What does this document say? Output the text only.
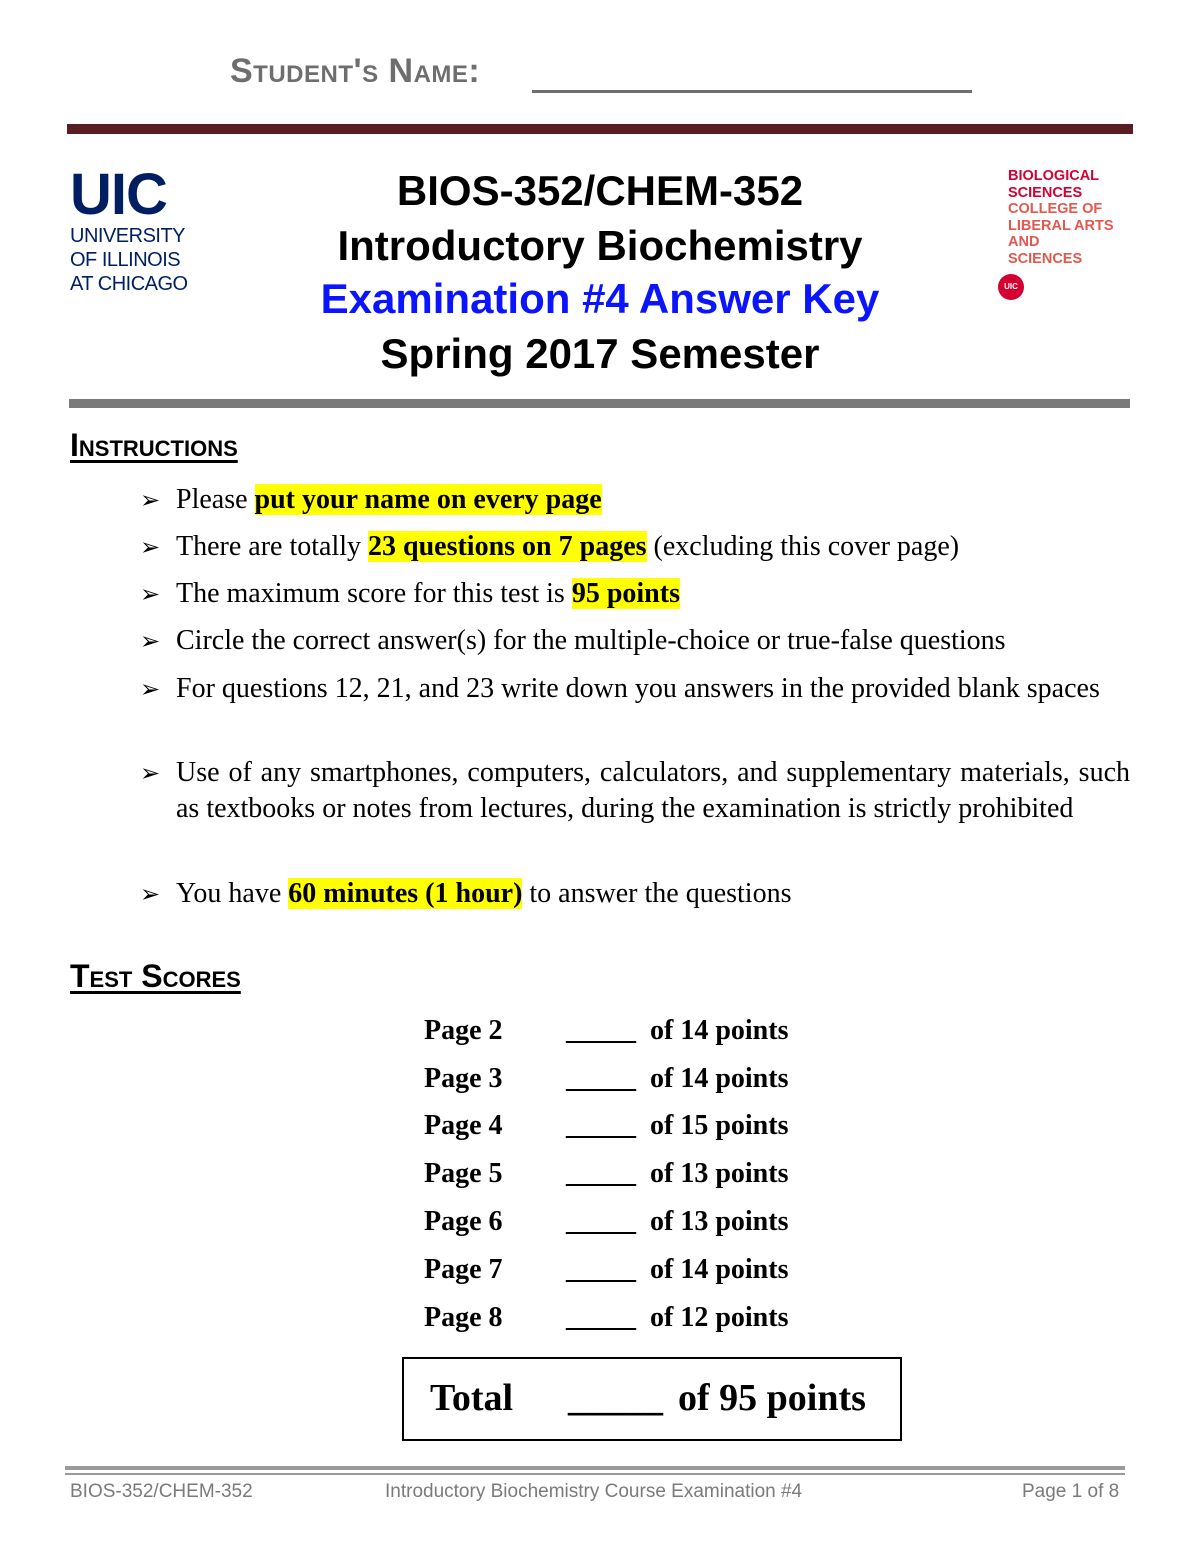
Student's Name:
UIC
UNIVERSITY
OF ILLINOIS
AT CHICAGO
BIOS-352/CHEM-352
Introductory Biochemistry
Examination #4 Answer Key
Spring 2017 Semester
BIOLOGICAL
SCIENCES
COLLEGE OF
LIBERAL ARTS
AND
SCIENCES
UIC
Instructions
➢ Please put your name on every page
➢ There are totally 23 questions on 7 pages (excluding this cover page)
➢ The maximum score for this test is 95 points
➢ Circle the correct answer(s) for the multiple-choice or true-false questions
➢ For questions 12, 21, and 23 write down you answers in the provided blank spaces
➢ Use of any smartphones, computers, calculators, and supplementary materials, such as textbooks or notes from lectures, during the examination is strictly prohibited
➢ You have 60 minutes (1 hour) to answer the questions
Test Scores
Page 2 _____ of 14 points
Page 3 _____ of 14 points
Page 4 _____ of 15 points
Page 5 _____ of 13 points
Page 6 _____ of 13 points
Page 7 _____ of 14 points
Page 8 _____ of 12 points
Total _____ of 95 points
BIOS-352/CHEM-352	Introductory Biochemistry Course Examination #4	Page 1 of 8
